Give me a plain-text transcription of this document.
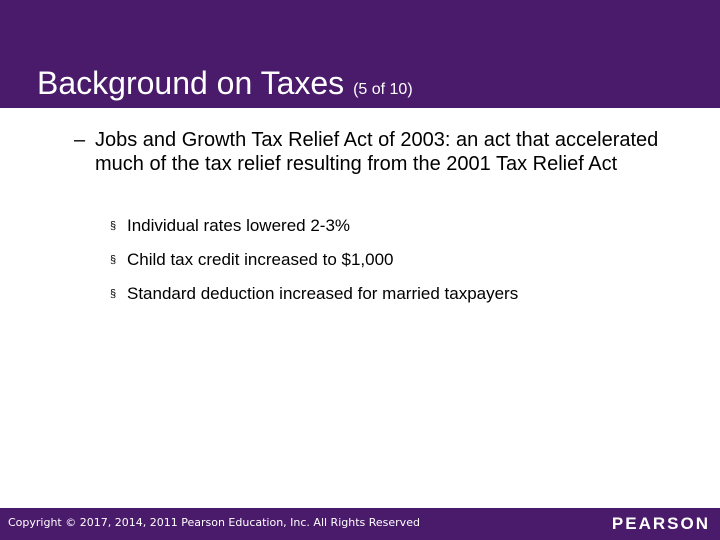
Background on Taxes (5 of 10)
– Jobs and Growth Tax Relief Act of 2003: an act that accelerated much of the tax relief resulting from the 2001 Tax Relief Act
§ Individual rates lowered 2-3%
§ Child tax credit increased to $1,000
§ Standard deduction increased for married taxpayers
Copyright © 2017, 2014, 2011 Pearson Education, Inc. All Rights Reserved	PEARSON
